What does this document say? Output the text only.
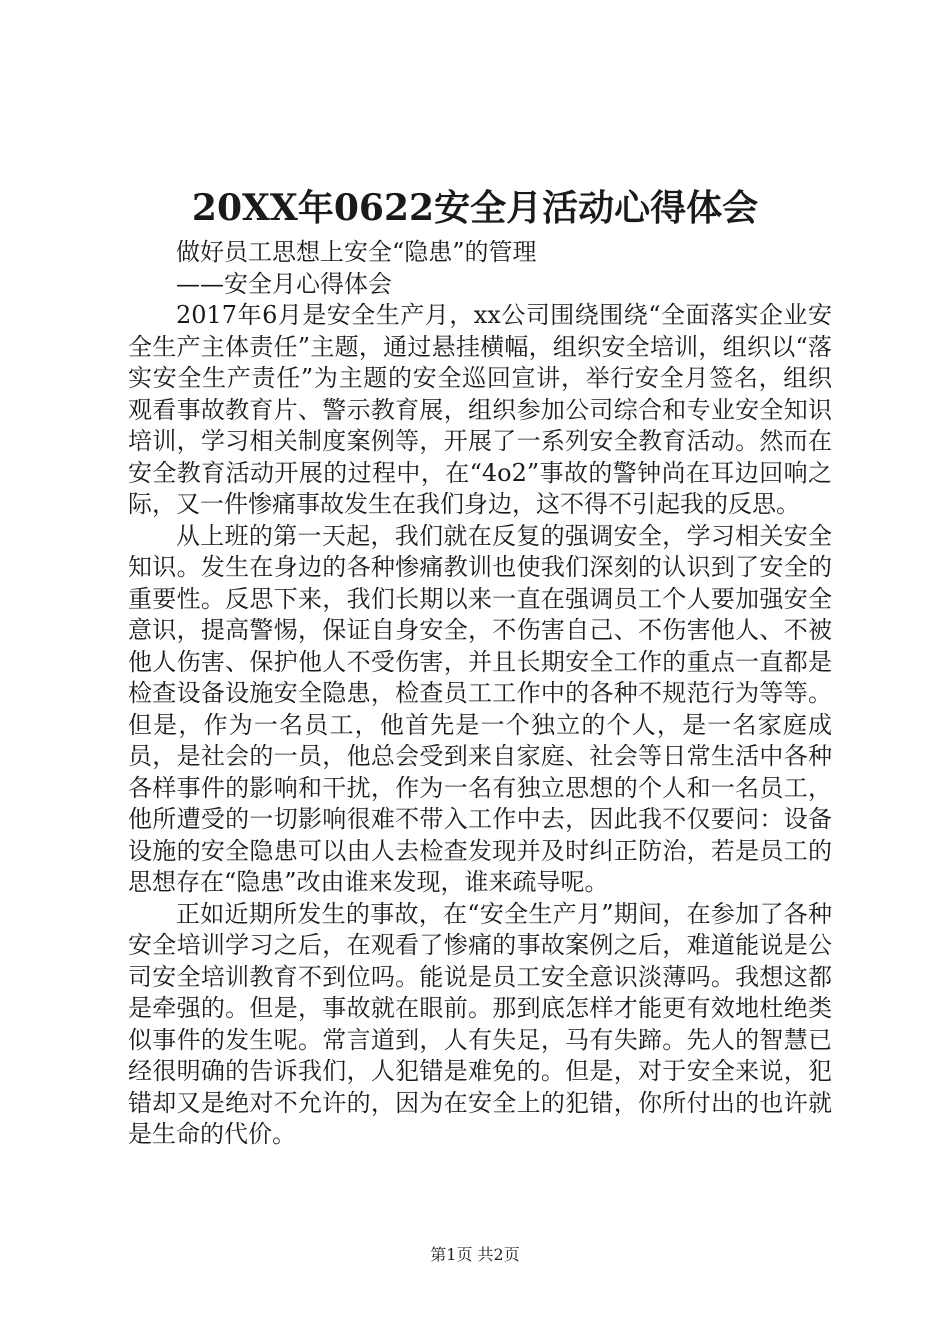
20XX年0622安全月活动心得体会

做好员工思想上安全“隐患”的管理

——安全月心得体会

2017年6月是安全生产月，xx公司围绕围绕“全面落实企业安全生产主体责任”主题，通过悬挂横幅，组织安全培训，组织以“落实安全生产责任”为主题的安全巡回宣讲，举行安全月签名，组织观看事故教育片、警示教育展，组织参加公司综合和专业安全知识培训，学习相关制度案例等，开展了一系列安全教育活动。然而在安全教育活动开展的过程中，在“4o2”事故的警钟尚在耳边回响之际，又一件惨痛事故发生在我们身边，这不得不引起我的反思。

从上班的第一天起，我们就在反复的强调安全，学习相关安全知识。发生在身边的各种惨痛教训也使我们深刻的认识到了安全的重要性。反思下来，我们长期以来一直在强调员工个人要加强安全意识，提高警惕，保证自身安全，不伤害自己、不伤害他人、不被他人伤害、保护他人不受伤害，并且长期安全工作的重点一直都是检查设备设施安全隐患，检查员工工作中的各种不规范行为等等。但是，作为一名员工，他首先是一个独立的个人，是一名家庭成员，是社会的一员，他总会受到来自家庭、社会等日常生活中各种各样事件的影响和干扰，作为一名有独立思想的个人和一名员工，他所遭受的一切影响很难不带入工作中去，因此我不仅要问：设备设施的安全隐患可以由人去检查发现并及时纠正防治，若是员工的思想存在“隐患”改由谁来发现，谁来疏导呢。

正如近期所发生的事故，在“安全生产月”期间，在参加了各种安全培训学习之后，在观看了惨痛的事故案例之后，难道能说是公司安全培训教育不到位吗。能说是员工安全意识淡薄吗。我想这都是牵强的。但是，事故就在眼前。那到底怎样才能更有效地杜绝类似事件的发生呢。常言道到，人有失足，马有失蹄。先人的智慧已经很明确的告诉我们，人犯错是难免的。但是，对于安全来说，犯错却又是绝对不允许的，因为在安全上的犯错，你所付出的也许就是生命的代价。

第1页 共2页
